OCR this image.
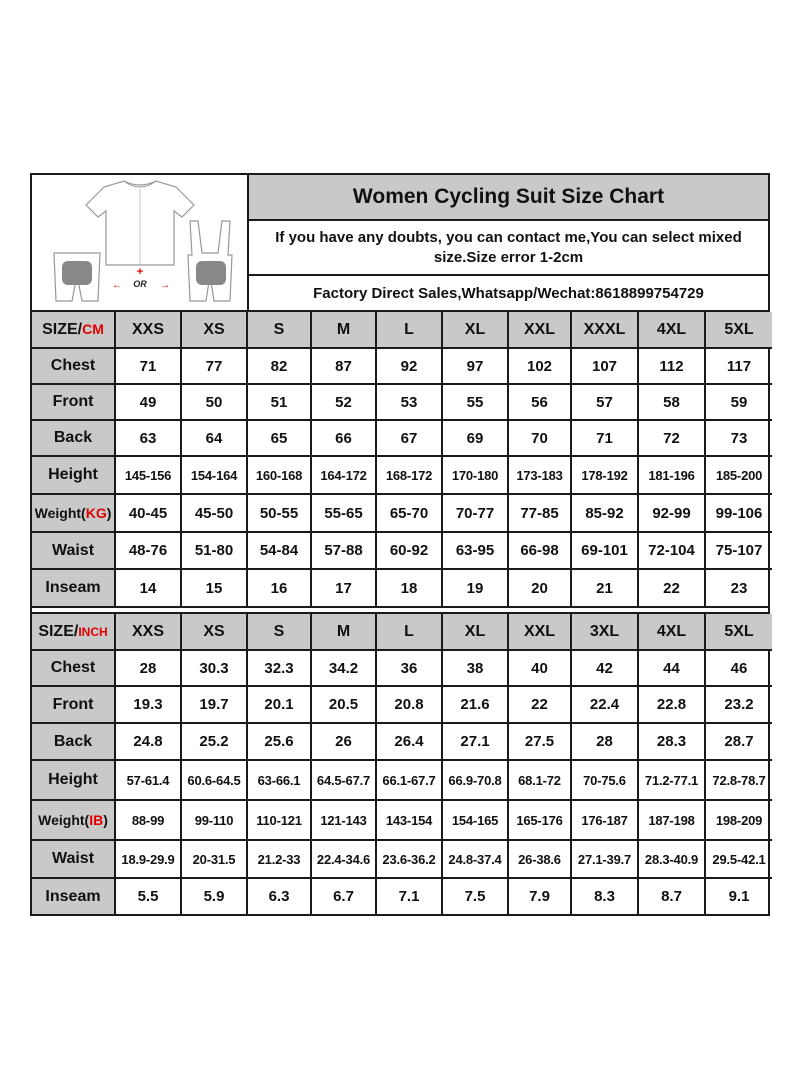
+
←	→
OR
Women Cycling Suit Size Chart
If you have any doubts, you can contact me,You can select mixed size.Size error 1-2cm
Factory Direct Sales,Whatsapp/Wechat:8618899754729
SIZE/CM	XXS	XS	S	M	L	XL	XXL	XXXL	4XL	5XL
Chest	71	77	82	87	92	97	102	107	112	117
Front	49	50	51	52	53	55	56	57	58	59
Back	63	64	65	66	67	69	70	71	72	73
Height	145-156	154-164	160-168	164-172	168-172	170-180	173-183	178-192	181-196	185-200
Weight(KG)	40-45	45-50	50-55	55-65	65-70	70-77	77-85	85-92	92-99	99-106
Waist	48-76	51-80	54-84	57-88	60-92	63-95	66-98	69-101	72-104	75-107
Inseam	14	15	16	17	18	19	20	21	22	23
SIZE/INCH	XXS	XS	S	M	L	XL	XXL	3XL	4XL	5XL
Chest	28	30.3	32.3	34.2	36	38	40	42	44	46
Front	19.3	19.7	20.1	20.5	20.8	21.6	22	22.4	22.8	23.2
Back	24.8	25.2	25.6	26	26.4	27.1	27.5	28	28.3	28.7
Height	57-61.4	60.6-64.5	63-66.1	64.5-67.7	66.1-67.7	66.9-70.8	68.1-72	70-75.6	71.2-77.1	72.8-78.7
Weight(IB)	88-99	99-110	110-121	121-143	143-154	154-165	165-176	176-187	187-198	198-209
Waist	18.9-29.9	20-31.5	21.2-33	22.4-34.6	23.6-36.2	24.8-37.4	26-38.6	27.1-39.7	28.3-40.9	29.5-42.1
Inseam	5.5	5.9	6.3	6.7	7.1	7.5	7.9	8.3	8.7	9.1
